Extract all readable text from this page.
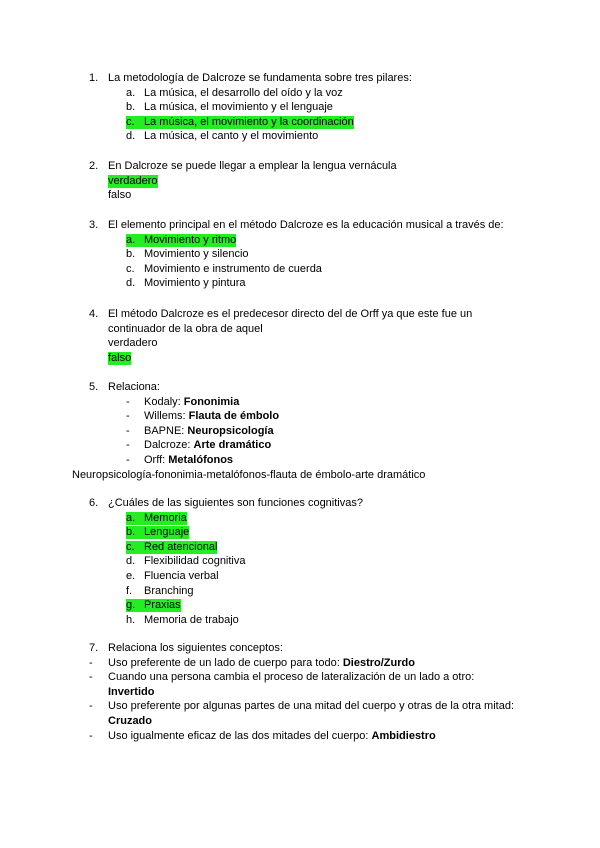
1. La metodología de Dalcroze se fundamenta sobre tres pilares:
a. La música, el desarrollo del oído y la voz
b. La música, el movimiento y el lenguaje
c. La música, el movimiento y la coordinación
d. La música, el canto y el movimiento
2. En Dalcroze se puede llegar a emplear la lengua vernácula
verdadero
falso
3. El elemento principal en el método Dalcroze es la educación musical a través de:
a. Movimiento y ritmo
b. Movimiento y silencio
c. Movimiento e instrumento de cuerda
d. Movimiento y pintura
4. El método Dalcroze es el predecesor directo del de Orff ya que este fue un
continuador de la obra de aquel
verdadero
falso
5. Relaciona:
- Kodaly: Fononimia
- Willems: Flauta de émbolo
- BAPNE: Neuropsicología
- Dalcroze: Arte dramático
- Orff: Metalófonos
Neuropsicología-fononimia-metalófonos-flauta de émbolo-arte dramático
6. ¿Cuáles de las siguientes son funciones cognitivas?
a. Memoria
b. Lenguaje
c. Red atencional
d. Flexibilidad cognitiva
e. Fluencia verbal
f. Branching
g. Praxias
h. Memoria de trabajo
7. Relaciona los siguientes conceptos:
- Uso preferente de un lado de cuerpo para todo: Diestro/Zurdo
- Cuando una persona cambia el proceso de lateralización de un lado a otro:
Invertido
- Uso preferente por algunas partes de una mitad del cuerpo y otras de la otra mitad:
Cruzado
- Uso igualmente eficaz de las dos mitades del cuerpo: Ambidiestro
